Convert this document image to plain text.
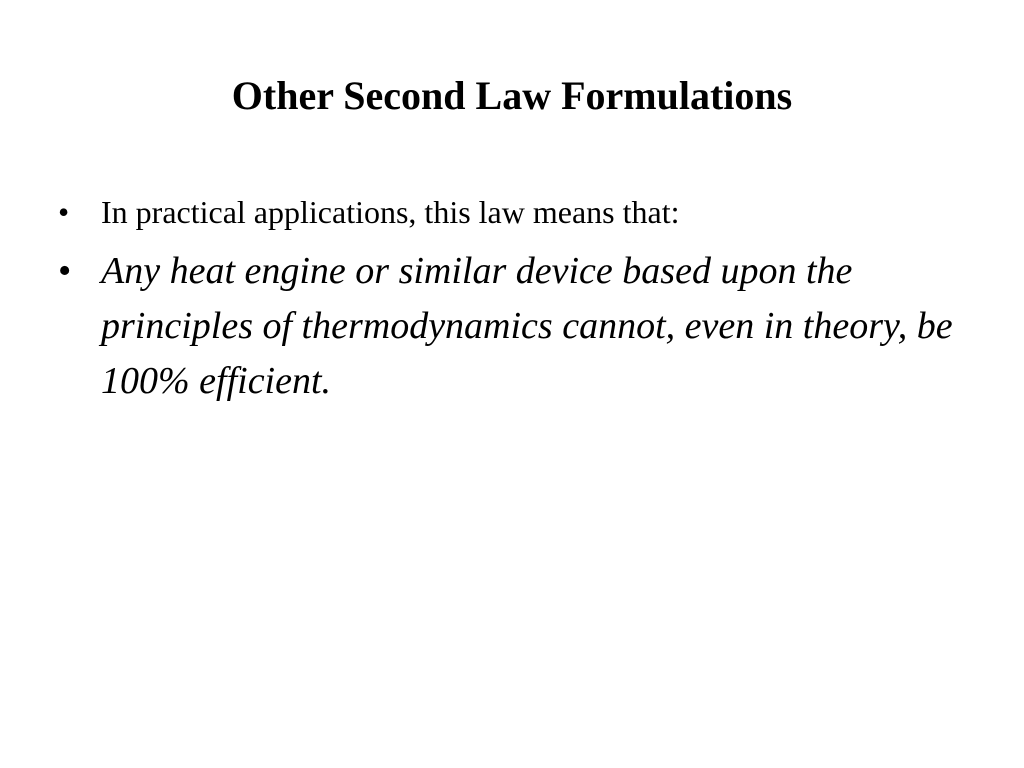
Other Second Law Formulations
• In practical applications, this law means that:
• Any heat engine or similar device based upon the principles of thermodynamics cannot, even in theory, be 100% efficient.
